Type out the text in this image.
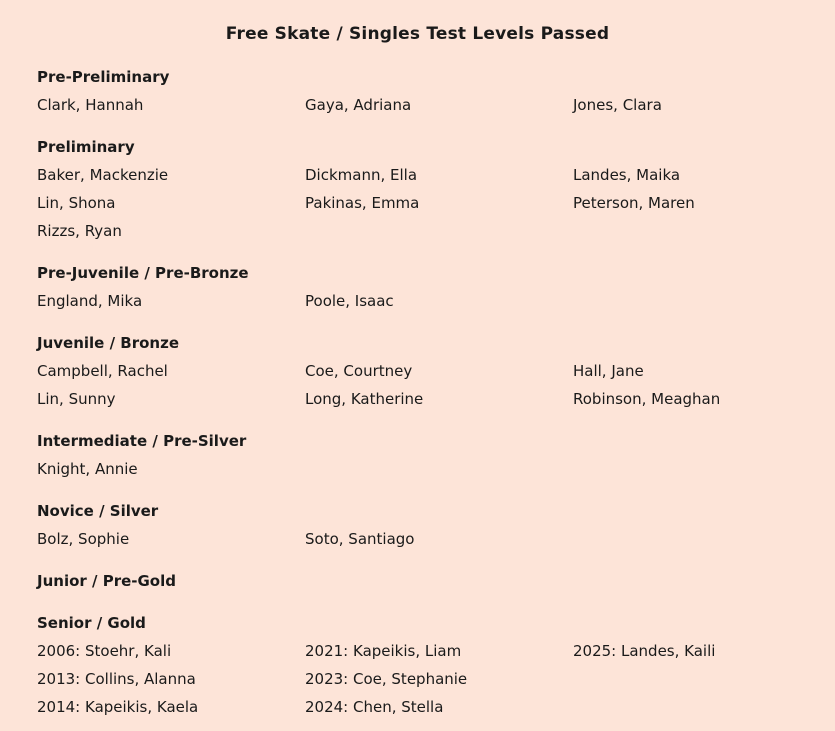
Free Skate / Singles Test Levels Passed
Pre-Preliminary
Clark, Hannah	Gaya, Adriana	Jones, Clara
Preliminary
Baker, Mackenzie	Dickmann, Ella	Landes, Maika
Lin, Shona	Pakinas, Emma	Peterson, Maren
Rizzs, Ryan
Pre-Juvenile / Pre-Bronze
England, Mika	Poole, Isaac
Juvenile / Bronze
Campbell, Rachel	Coe, Courtney	Hall, Jane
Lin, Sunny	Long, Katherine	Robinson, Meaghan
Intermediate / Pre-Silver
Knight, Annie
Novice / Silver
Bolz, Sophie	Soto, Santiago
Junior / Pre-Gold
Senior / Gold
2006: Stoehr, Kali	2021: Kapeikis, Liam	2025: Landes, Kaili
2013: Collins, Alanna	2023: Coe, Stephanie
2014: Kapeikis, Kaela	2024: Chen, Stella
